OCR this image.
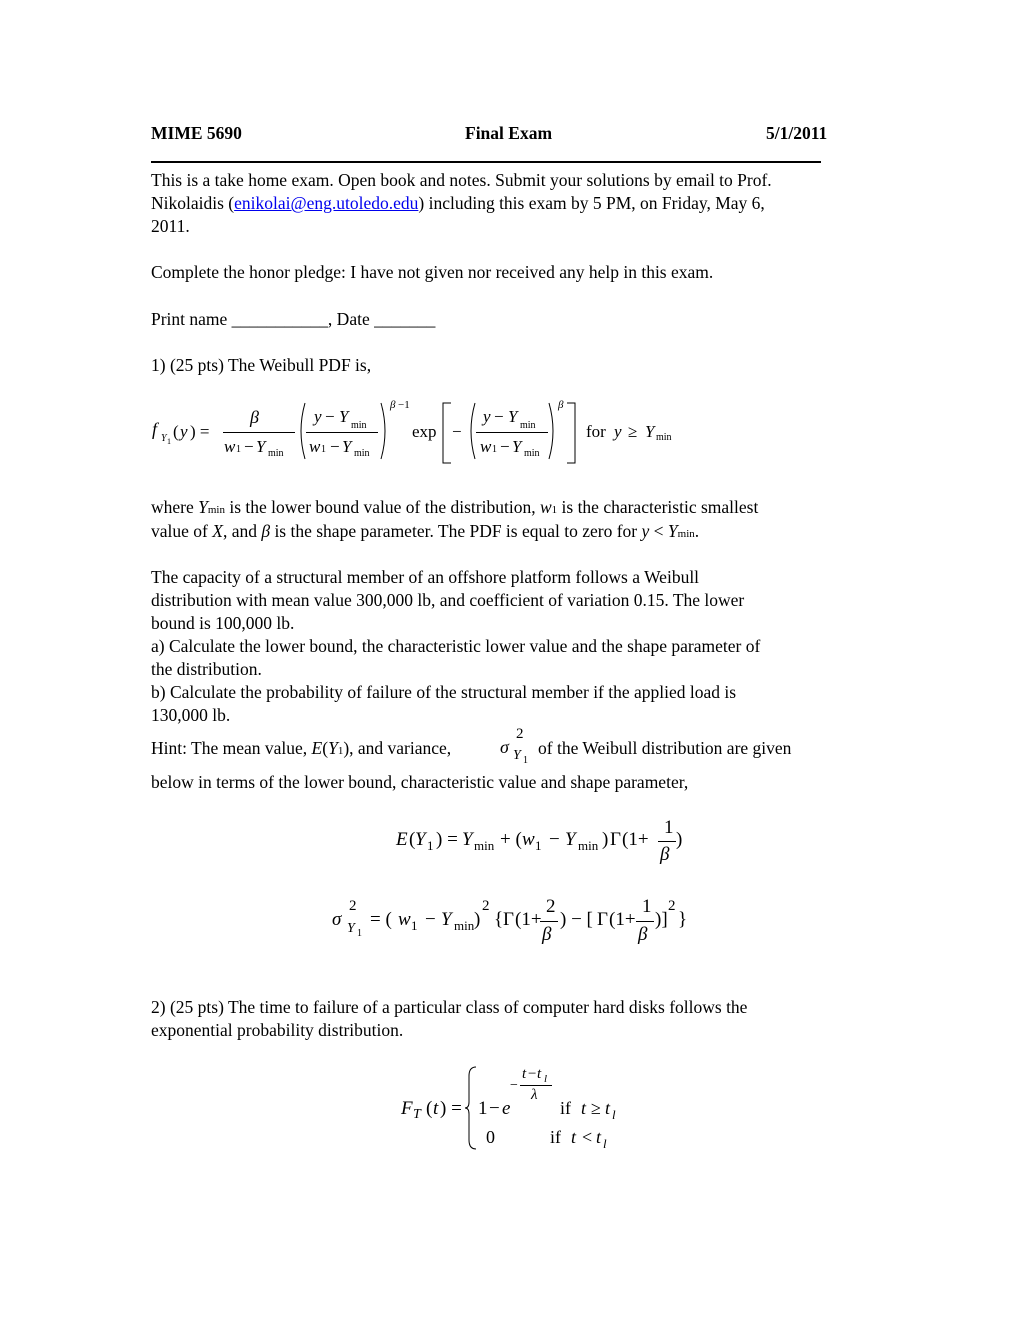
MIME 5690	Final Exam	5/1/2011
This is a take home exam. Open book and notes. Submit your solutions by email to Prof.
Nikolaidis (enikolai@eng.utoledo.edu) including this exam by 5 PM, on Friday, May 6,
2011.
Complete the honor pledge: I have not given nor received any help in this exam.
Print name ___________, Date _______
1) (25 pts) The Weibull PDF is,
f Y 1
( y ) =
β
w 1 − Y min
y − Y min
w 1 − Y min
β −1
exp −
y − Y min
w 1 − Y min
β
for y ≥ Y min
where Ymin is the lower bound value of the distribution, w1 is the characteristic smallest
value of X, and β is the shape parameter. The PDF is equal to zero for y < Ymin.
The capacity of a structural member of an offshore platform follows a Weibull
distribution with mean value 300,000 lb, and coefficient of variation 0.15. The lower
bound is 100,000 lb.
a) Calculate the lower bound, the characteristic lower value and the shape parameter of
the distribution.
b) Calculate the probability of failure of the structural member if the applied load is
130,000 lb.
Hint: The mean value, E(Y1), and variance,	σ
2
Y 1
of the Weibull distribution are given
below in terms of the lower bound, characteristic value and shape parameter,
E ( Y 1 ) = Y min + ( w 1 − Y min ) Γ (1+
1
β
)
σ
2
Y 1
= ( w 1 − Y min )
2
{ Γ (1+
2
β
) − [ Γ (1+
1
β
)]
2
}
2) (25 pts) The time to failure of a particular class of computer hard disks follows the
exponential probability distribution.
F T ( t ) = 1 − e
−
t − t l
λ
if t ≥ t l
0	if t < t l
